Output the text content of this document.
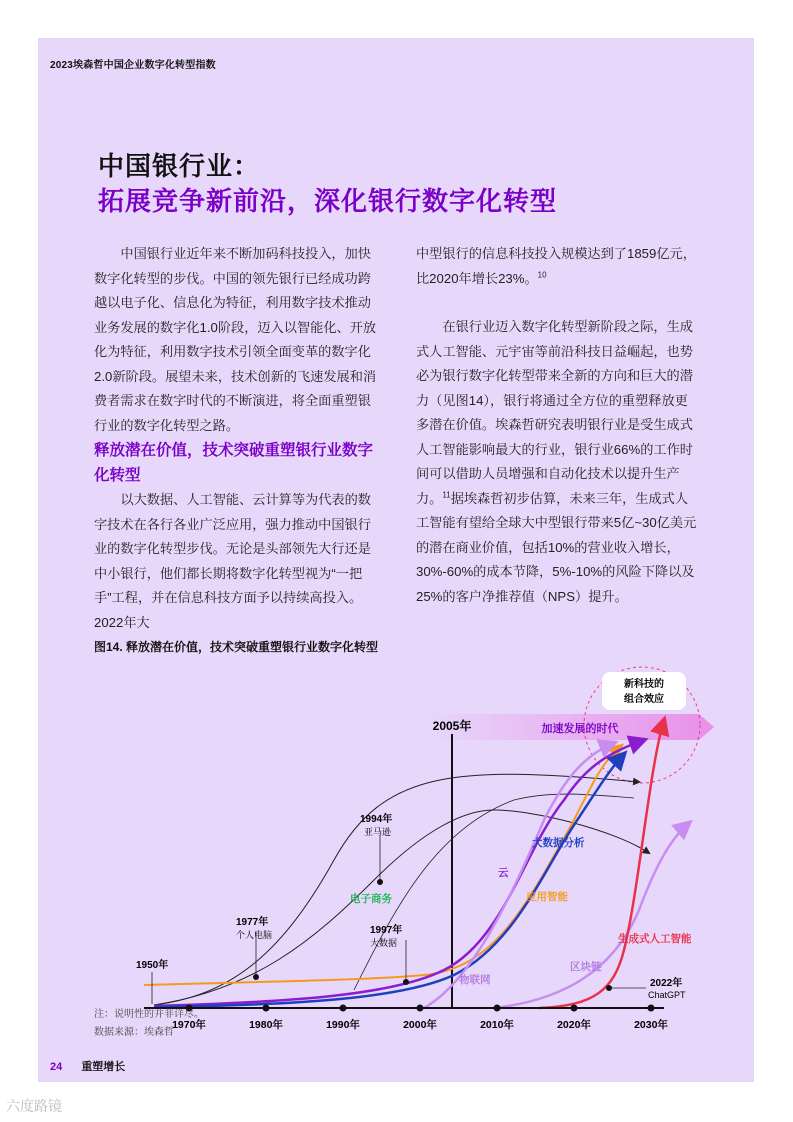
2023埃森哲中国企业数字化转型指数
中国银行业：
拓展竞争新前沿，深化银行数字化转型

中国银行业近年来不断加码科技投入，加快数字化转型的步伐。中国的领先银行已经成功跨越以电子化、信息化为特征，利用数字技术推动业务发展的数字化1.0阶段，迈入以智能化、开放化为特征，利用数字技术引领全面变革的数字化2.0新阶段。展望未来，技术创新的飞速发展和消费者需求在数字时代的不断演进，将全面重塑银行业的数字化转型之路。

释放潜在价值，技术突破重塑银行业数字化转型

以大数据、人工智能、云计算等为代表的数字技术在各行各业广泛应用，强力推动中国银行业的数字化转型步伐。无论是头部领先大行还是中小银行，他们都长期将数字化转型视为“一把手”工程，并在信息科技方面予以持续高投入。2022年大

中型银行的信息科技投入规模达到了1859亿元，比2020年增长23%。$^{10}$

在银行业迈入数字化转型新阶段之际，生成式人工智能、元宇宙等前沿科技日益崛起，也势必为银行数字化转型带来全新的方向和巨大的潜力（见图14），银行将通过全方位的重塑释放更多潜在价值。埃森哲研究表明银行业是受生成式人工智能影响最大的行业，银行业66%的工作时间可以借助人员增强和自动化技术以提升生产力。$^{11}$据埃森哲初步估算，未来三年，生成式人工智能有望给全球大中型银行带来5亿~30亿美元的潜在商业价值，包括10%的营业收入增长，30%-60%的成本节降，5%-10%的风险下降以及25%的客户净推荐值（NPS）提升。

图14. 释放潜在价值，技术突破重塑银行业数字化转型
加速发展的时代
新科技的
组合效应
2005年
1970年	1980年	1990年	2000年	2010年	2020年	2030年
1994年
亚马逊
1977年
个人电脑	1997年
大数据
1950年
2022年
ChatGPT
电子商务
云
大数据分析
应用智能
物联网
区块链
生成式人工智能
注：说明性的并非详尽。
数据来源：埃森哲
24 重塑增长
六度路镜
